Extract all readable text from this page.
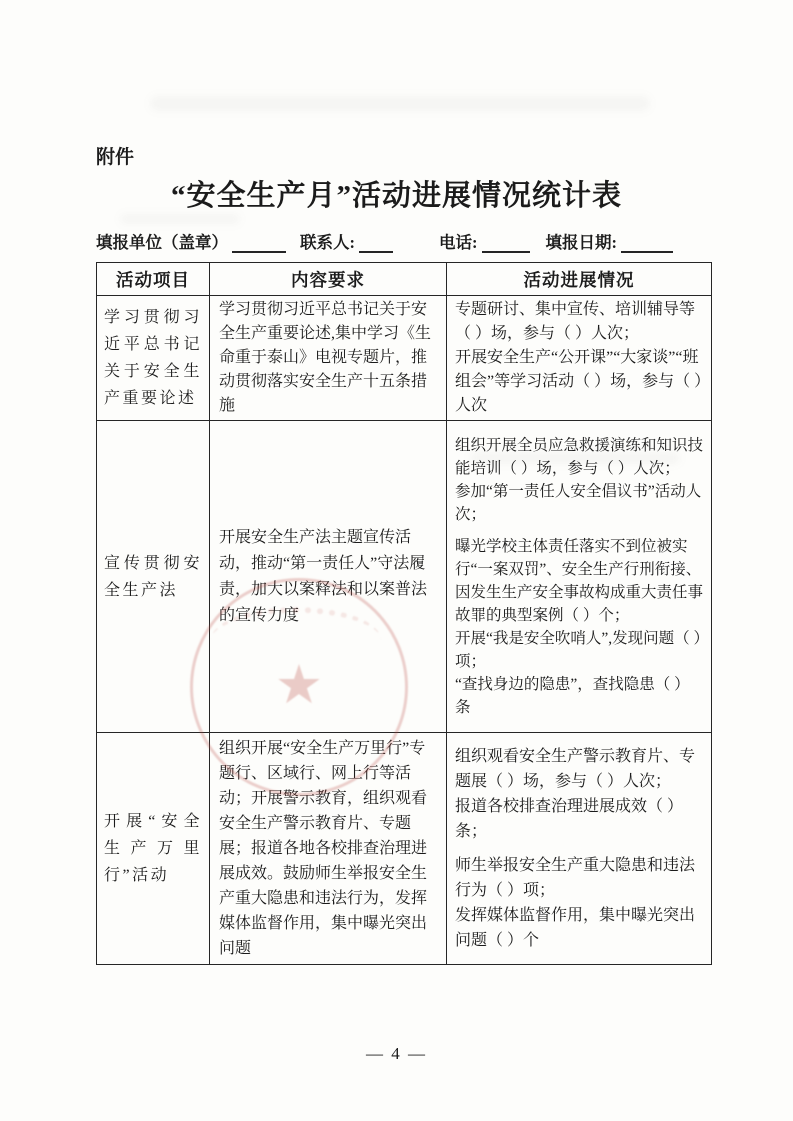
附件
“安全生产月”活动进展情况统计表
填报单位（盖章）	联系人:	电话:	填报日期:
活动项目	内容要求	活动进展情况
学习贯彻习近平总书记关于安全生产重要论述	学习贯彻习近平总书记关于安全生产重要论述,集中学习《生命重于泰山》电视专题片，推动贯彻落实安全生产十五条措施	专题研讨、集中宣传、培训辅导等（ ）场，参与（ ）人次；

开展安全生产“公开课”“大家谈”“班组会”等学习活动（ ）场，参与（ ）人次

宣传贯彻安全生产法	开展安全生产法主题宣传活动，推动“第一责任人”守法履责，加大以案释法和以案普法的宣传力度	组织开展全员应急救援演练和知识技能培训（ ）场，参与（ ）人次；

参加“第一责任人安全倡议书”活动人次；

曝光学校主体责任落实不到位被实行“一案双罚”、安全生产行刑衔接、因发生生产安全事故构成重大责任事故罪的典型案例（ ）个；

开展“我是安全吹哨人”,发现问题（ ）项；

“查找身边的隐患”，查找隐患（ ）条

开展“安全生产万里行”活动	组织开展“安全生产万里行”专题行、区域行、网上行等活动；开展警示教育，组织观看安全生产警示教育片、专题展；报道各地各校排查治理进展成效。鼓励师生举报安全生产重大隐患和违法行为，发挥媒体监督作用，集中曝光突出问题	组织观看安全生产警示教育片、专题展（ ）场，参与（ ）人次；

报道各校排查治理进展成效（ ）条；

师生举报安全生产重大隐患和违法行为（ ）项；

发挥媒体监督作用，集中曝光突出问题（ ）个

★
— 4 —
